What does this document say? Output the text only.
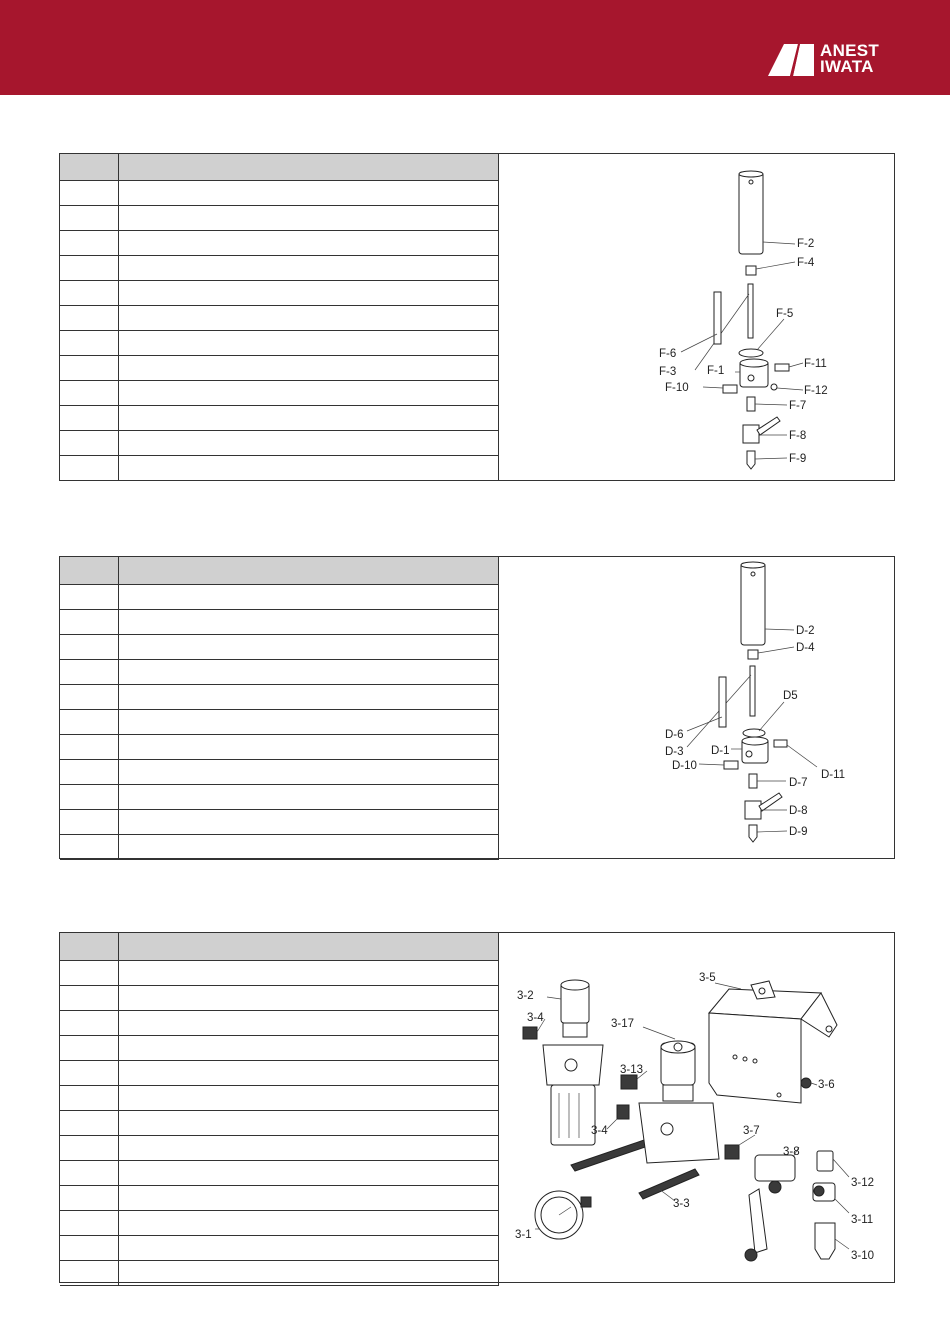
ANEST
IWATA

F-2
F-4
F-5
F-6
F-3	F-1
F-11
F-10	F-12
F-7
F-8
F-9

D-2
D-4
D5
D-6
D-3 D-1
D-10
D-11
D-7
D-8
D-9

3-5
3-2
3-4	3-17
3-13
3-6
3-4	3-7
3-8
3-12
3-3
3-11
3-1
3-10
